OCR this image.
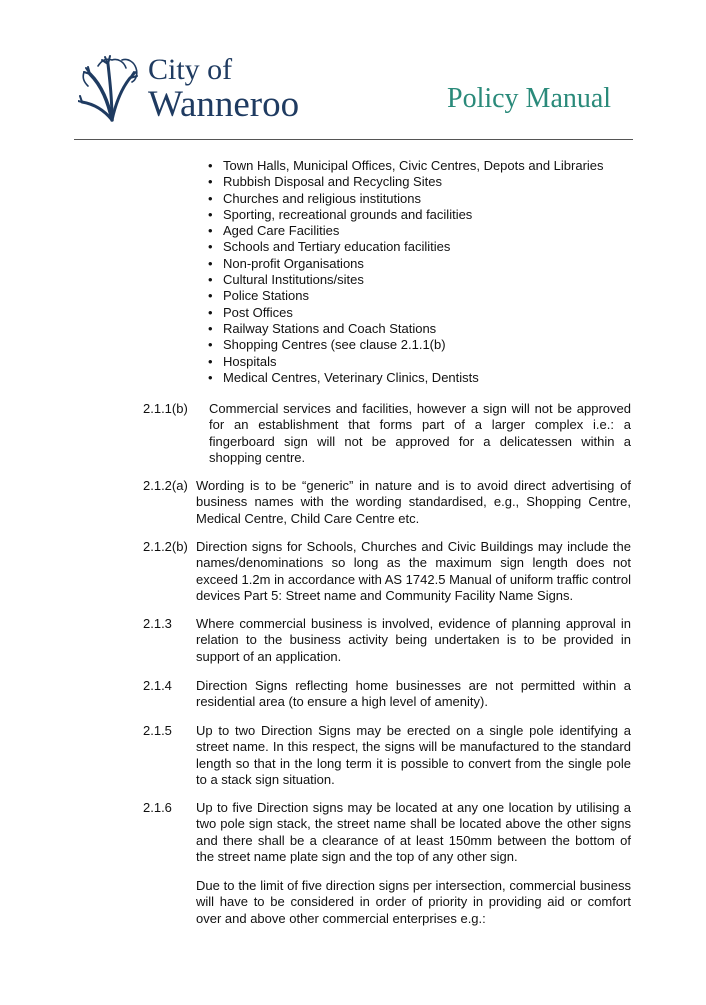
City of
Wanneroo	Policy Manual
• Town Halls, Municipal Offices, Civic Centres, Depots and Libraries
• Rubbish Disposal and Recycling Sites
• Churches and religious institutions
• Sporting, recreational grounds and facilities
• Aged Care Facilities
• Schools and Tertiary education facilities
• Non-profit Organisations
• Cultural Institutions/sites
• Police Stations
• Post Offices
• Railway Stations and Coach Stations
• Shopping Centres (see clause 2.1.1(b)
• Hospitals
• Medical Centres, Veterinary Clinics, Dentists
2.1.1(b) Commercial services and facilities, however a sign will not be approved for an establishment that forms part of a larger complex i.e.: a fingerboard sign will not be approved for a delicatessen within a shopping centre.
2.1.2(a) Wording is to be “generic” in nature and is to avoid direct advertising of business names with the wording standardised, e.g., Shopping Centre, Medical Centre, Child Care Centre etc.
2.1.2(b) Direction signs for Schools, Churches and Civic Buildings may include the names/denominations so long as the maximum sign length does not exceed 1.2m in accordance with AS 1742.5 Manual of uniform traffic control devices Part 5: Street name and Community Facility Name Signs.
2.1.3 Where commercial business is involved, evidence of planning approval in relation to the business activity being undertaken is to be provided in support of an application.
2.1.4 Direction Signs reflecting home businesses are not permitted within a residential area (to ensure a high level of amenity).
2.1.5 Up to two Direction Signs may be erected on a single pole identifying a street name. In this respect, the signs will be manufactured to the standard length so that in the long term it is possible to convert from the single pole to a stack sign situation.
2.1.6 Up to five Direction signs may be located at any one location by utilising a two pole sign stack, the street name shall be located above the other signs and there shall be a clearance of at least 150mm between the bottom of the street name plate sign and the top of any other sign.
Due to the limit of five direction signs per intersection, commercial business will have to be considered in order of priority in providing aid or comfort over and above other commercial enterprises e.g.:
